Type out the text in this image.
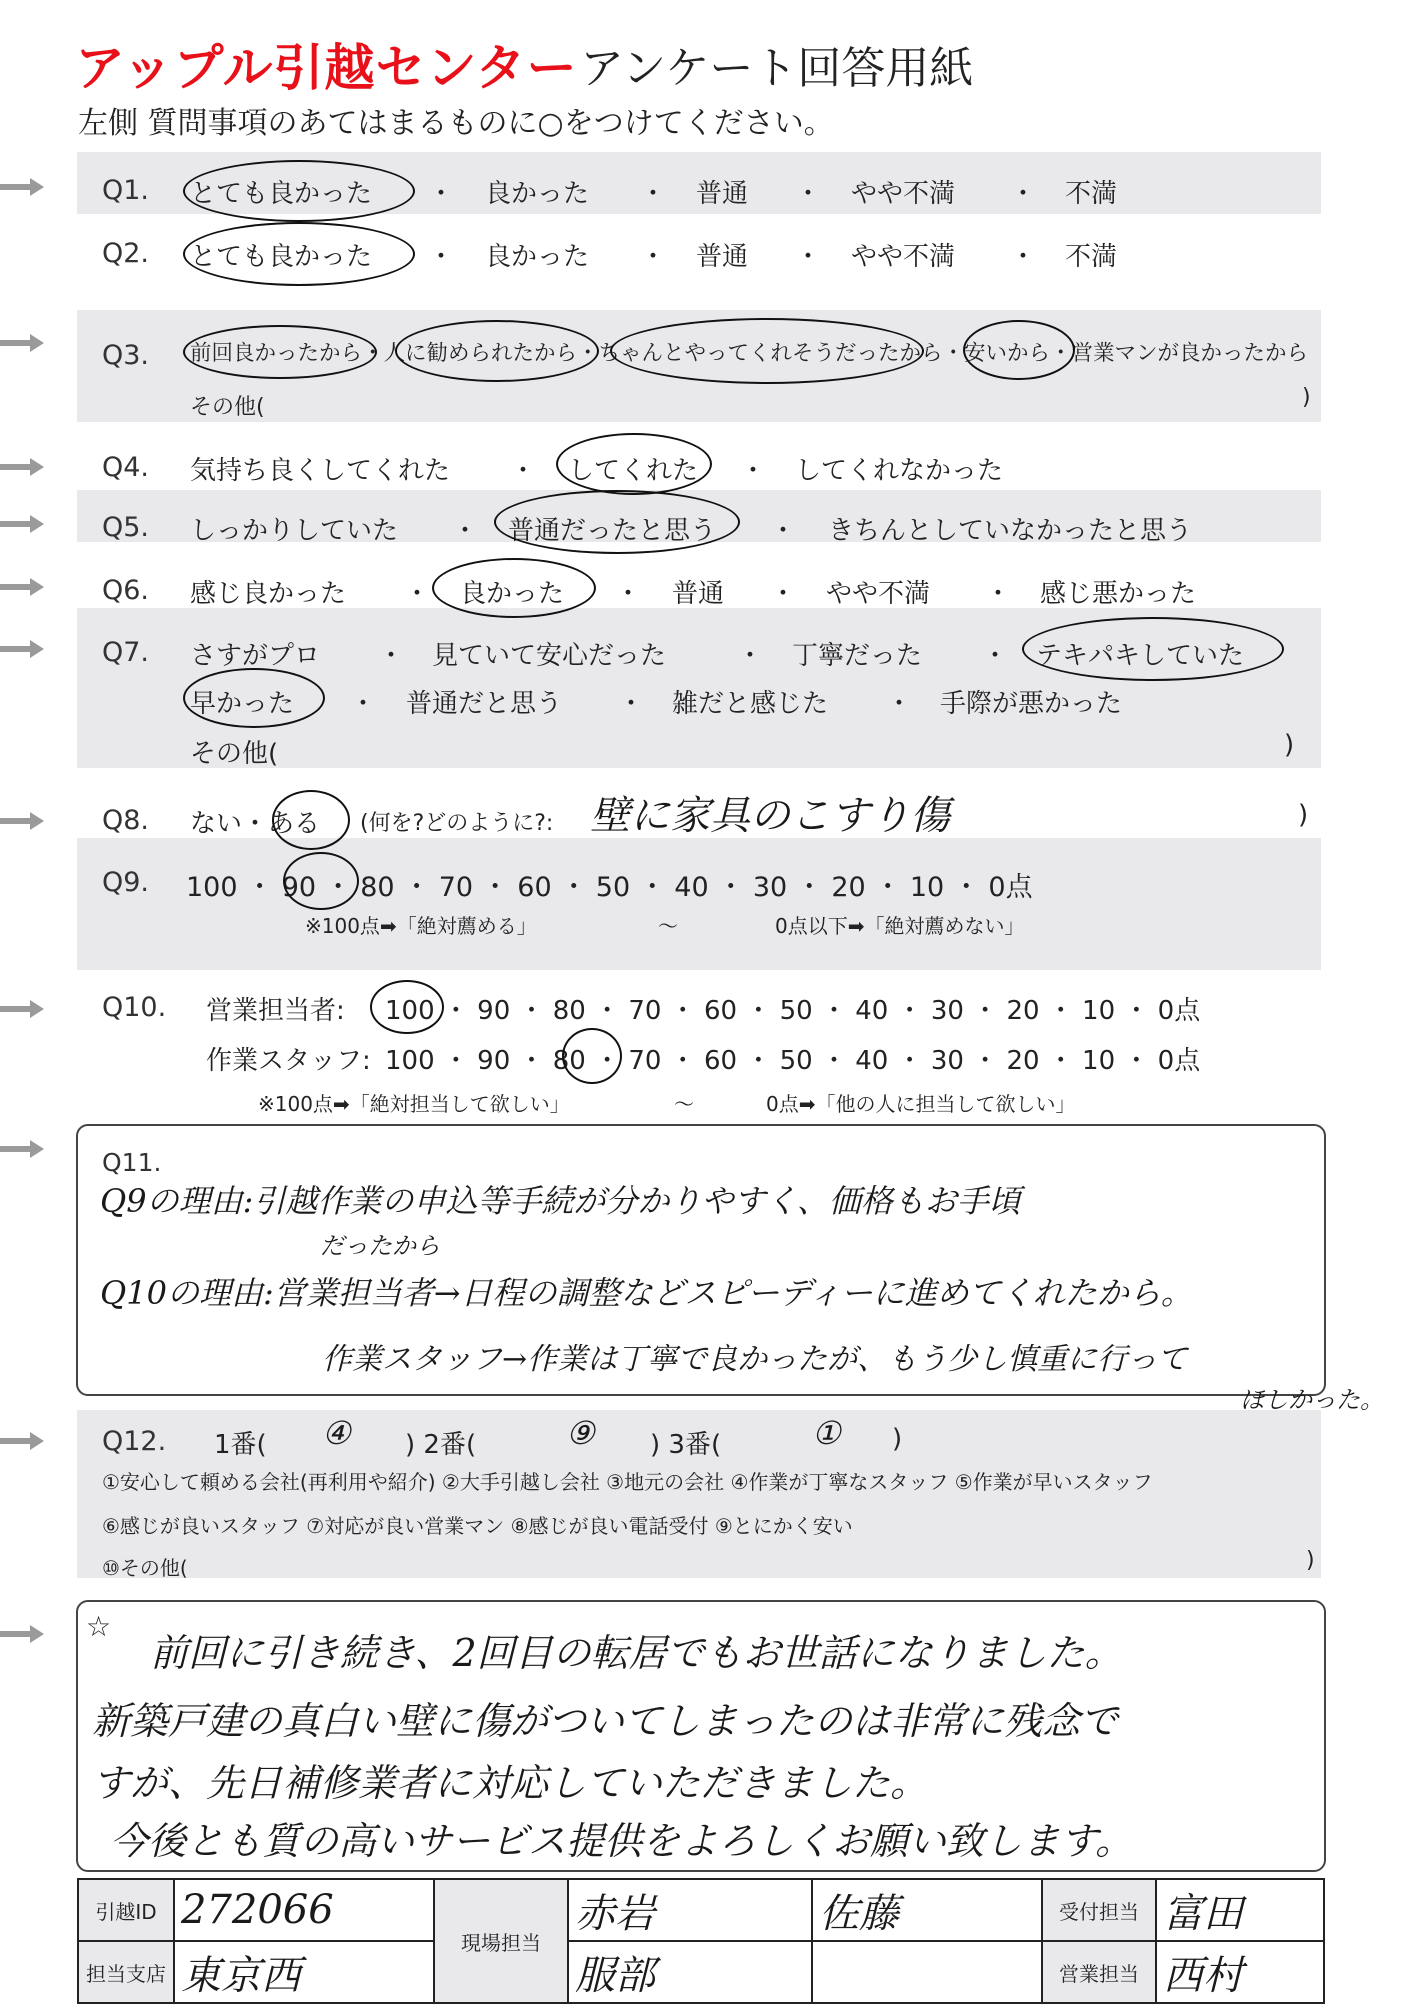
アップル引越センター アンケート回答用紙
左側 質問事項のあてはまるものに○をつけてください。
Q1. とても良かった ・ 良かった ・ 普通 ・ やや不満 ・ 不満
Q2. とても良かった ・ 良かった ・ 普通 ・ やや不満 ・ 不満
Q3. 前回良かったから・人に勧められたから・ちゃんとやってくれそうだったから・安いから・営業マンが良かったから
その他(	)
Q4. 気持ち良くしてくれた ・ してくれた ・ してくれなかった
Q5. しっかりしていた ・ 普通だったと思う ・ きちんとしていなかったと思う
Q6. 感じ良かった ・ 良かった ・ 普通 ・ やや不満 ・ 感じ悪かった
Q7. さすがプロ ・ 見ていて安心だった	・ 丁寧だった ・ テキパキしていた
早かった ・ 普通だと思う ・ 雑だと感じた ・ 手際が悪かった
その他(	)
Q8. ない・ある (何を?どのように?: 壁に家具のこすり傷	)
Q9. 100 ・ 90 ・ 80 ・ 70 ・ 60 ・ 50 ・ 40 ・ 30 ・ 20 ・ 10 ・ 0点
※100点➡「絶対薦める」	〜	0点以下➡「絶対薦めない」
Q10. 営業担当者: 100 ・ 90 ・ 80 ・ 70 ・ 60 ・ 50 ・ 40 ・ 30 ・ 20 ・ 10 ・ 0点
作業スタッフ: 100 ・ 90 ・ 80 ・ 70 ・ 60 ・ 50 ・ 40 ・ 30 ・ 20 ・ 10 ・ 0点
※100点➡「絶対担当して欲しい」	〜	0点➡「他の人に担当して欲しい」
Q11.
Q9の理由:引越作業の申込等手続が分かりやすく、価格もお手頃
だったから
Q10の理由:営業担当者→日程の調整などスピーディーに進めてくれたから。
作業スタッフ→作業は丁寧で良かったが、もう少し慎重に行って
ほしかった。
Q12. 1番( ④ ) 2番(	⑨ ) 3番(	① )
①安心して頼める会社(再利用や紹介) ②大手引越し会社 ③地元の会社 ④作業が丁寧なスタッフ ⑤作業が早いスタッフ
⑥感じが良いスタッフ ⑦対応が良い営業マン ⑧感じが良い電話受付 ⑨とにかく安い
⑩その他(	)
☆
前回に引き続き、2回目の転居でもお世話になりました。
新築戸建の真白い壁に傷がついてしまったのは非常に残念で
すが、先日補修業者に対応していただきました。
今後とも質の高いサービス提供をよろしくお願い致します。
引越ID	272066	現場担当	赤岩	佐藤	受付担当	富田
担当支店	東京西		服部		営業担当	西村
